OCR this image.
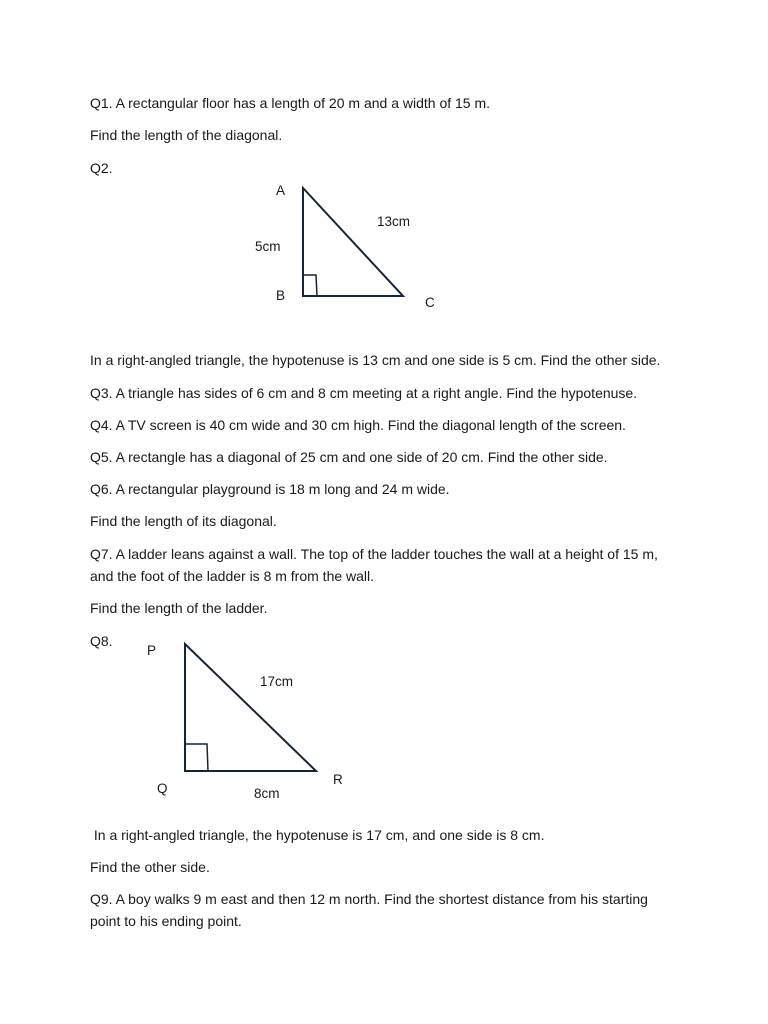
Q1. A rectangular floor has a length of 20 m and a width of 15 m.

Find the length of the diagonal.

Q2.

A
B	C
5cm
13cm

In a right-angled triangle, the hypotenuse is 13 cm and one side is 5 cm. Find the other side.

Q3. A triangle has sides of 6 cm and 8 cm meeting at a right angle. Find the hypotenuse.

Q4. A TV screen is 40 cm wide and 30 cm high. Find the diagonal length of the screen.

Q5. A rectangle has a diagonal of 25 cm and one side of 20 cm. Find the other side.

Q6. A rectangular playground is 18 m long and 24 m wide.

Find the length of its diagonal.

Q7. A ladder leans against a wall. The top of the ladder touches the wall at a height of 15 m, and the foot of the ladder is 8 m from the wall.

Find the length of the ladder.

Q8.

P
Q
R
17cm
8cm

In a right-angled triangle, the hypotenuse is 17 cm, and one side is 8 cm.

Find the other side.

Q9. A boy walks 9 m east and then 12 m north. Find the shortest distance from his starting point to his ending point.
